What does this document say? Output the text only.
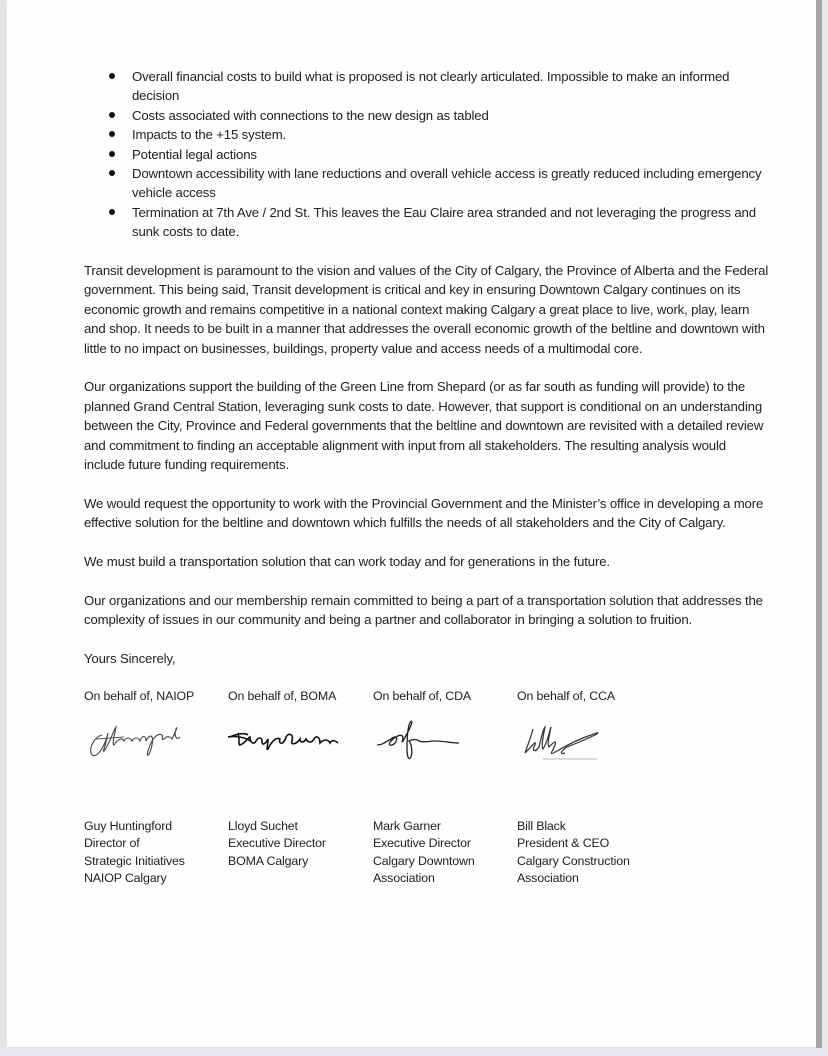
Overall financial costs to build what is proposed is not clearly articulated. Impossible to make an informed decision
Costs associated with connections to the new design as tabled
Impacts to the +15 system.
Potential legal actions
Downtown accessibility with lane reductions and overall vehicle access is greatly reduced including emergency vehicle access
Termination at 7th Ave / 2nd St. This leaves the Eau Claire area stranded and not leveraging the progress and sunk costs to date.

Transit development is paramount to the vision and values of the City of Calgary, the Province of Alberta and the Federal government. This being said, Transit development is critical and key in ensuring Downtown Calgary continues on its economic growth and remains competitive in a national context making Calgary a great place to live, work, play, learn and shop. It needs to be built in a manner that addresses the overall economic growth of the beltline and downtown with little to no impact on businesses, buildings, property value and access needs of a multimodal core.

Our organizations support the building of the Green Line from Shepard (or as far south as funding will provide) to the planned Grand Central Station, leveraging sunk costs to date. However, that support is conditional on an understanding between the City, Province and Federal governments that the beltline and downtown are revisited with a detailed review and commitment to finding an acceptable alignment with input from all stakeholders. The resulting analysis would include future funding requirements.

We would request the opportunity to work with the Provincial Government and the Minister’s office in developing a more effective solution for the beltline and downtown which fulfills the needs of all stakeholders and the City of Calgary.

We must build a transportation solution that can work today and for generations in the future.

Our organizations and our membership remain committed to being a part of a transportation solution that addresses the complexity of issues in our community and being a partner and collaborator in bringing a solution to fruition.

Yours Sincerely,

On behalf of, NAIOP
Guy Huntingford
Director of
Strategic Initiatives
NAIOP Calgary
On behalf of, BOMA
Lloyd Suchet
Executive Director
BOMA Calgary
On behalf of, CDA
Mark Garner
Executive Director
Calgary Downtown
Association
On behalf of, CCA
Bill Black
President & CEO
Calgary Construction
Association
